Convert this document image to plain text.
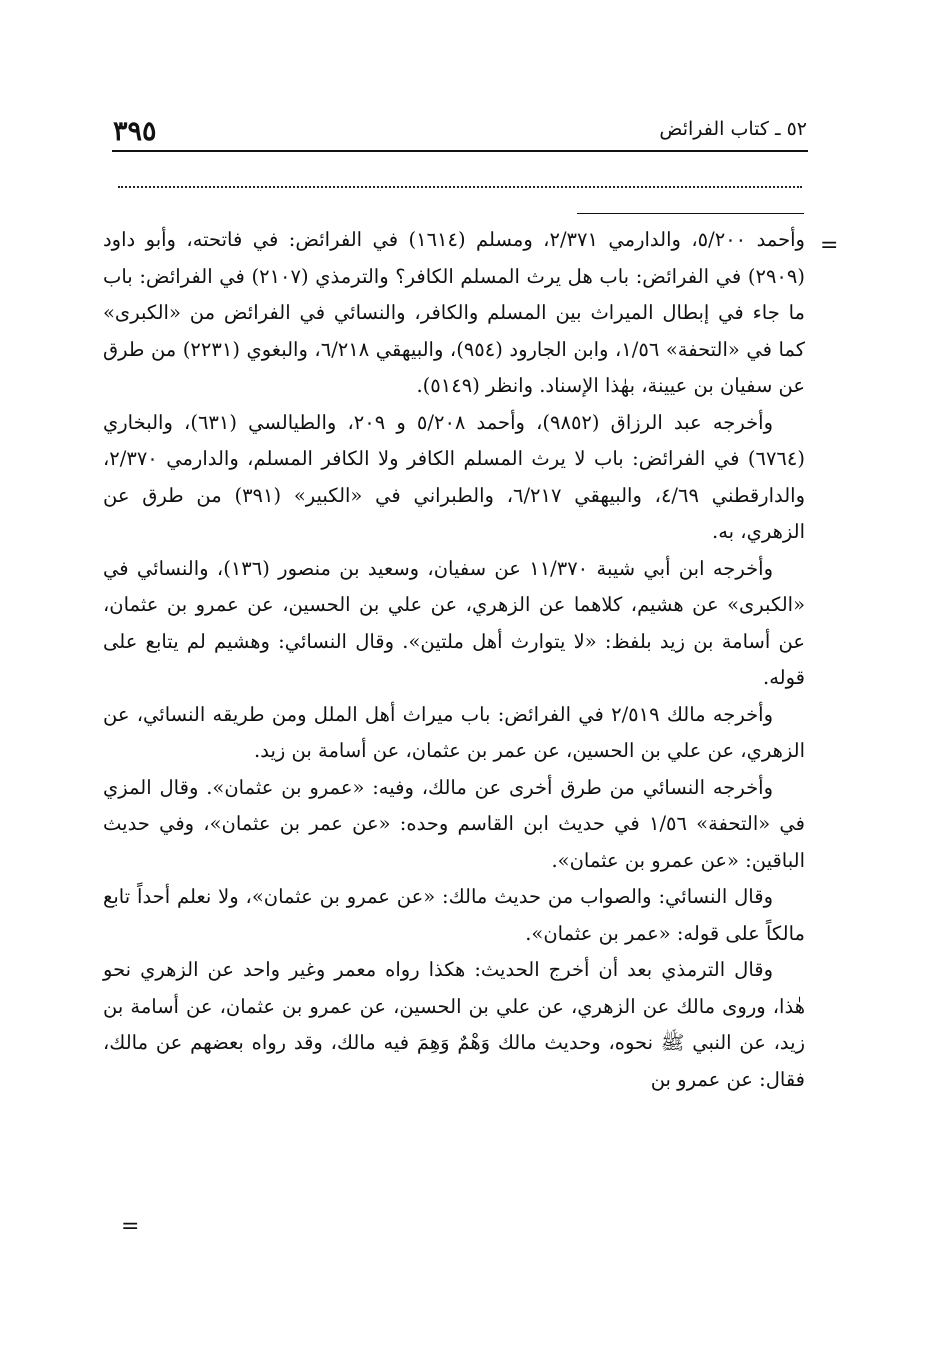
٣٩٥	٥٢ ـ كتاب الفرائض
=
=

وأحمد ٥/٢٠٠، والدارمي ٢/٣٧١، ومسلم (١٦١٤) في الفرائض: في فاتحته، وأبو داود (٢٩٠٩) في الفرائض: باب هل يرث المسلم الكافر؟ والترمذي (٢١٠٧) في الفرائض: باب ما جاء في إبطال الميراث بين المسلم والكافر، والنسائي في الفرائض من «الكبرى» كما في «التحفة» ١/٥٦، وابن الجارود (٩٥٤)، والبيهقي ٦/٢١٨، والبغوي (٢٢٣١) من طرق عن سفيان بن عيينة، بهٰذا الإسناد. وانظر (٥١٤٩).

وأخرجه عبد الرزاق (٩٨٥٢)، وأحمد ٥/٢٠٨ و ٢٠٩، والطيالسي (٦٣١)، والبخاري (٦٧٦٤) في الفرائض: باب لا يرث المسلم الكافر ولا الكافر المسلم، والدارمي ٢/٣٧٠، والدارقطني ٤/٦٩، والبيهقي ٦/٢١٧، والطبراني في «الكبير» (٣٩١) من طرق عن الزهري، به.

وأخرجه ابن أبي شيبة ١١/٣٧٠ عن سفيان، وسعيد بن منصور (١٣٦)، والنسائي في «الكبرى» عن هشيم، كلاهما عن الزهري، عن علي بن الحسين، عن عمرو بن عثمان، عن أسامة بن زيد بلفظ: «لا يتوارث أهل ملتين». وقال النسائي: وهشيم لم يتابع على قوله.

وأخرجه مالك ٢/٥١٩ في الفرائض: باب ميراث أهل الملل ومن طريقه النسائي، عن الزهري، عن علي بن الحسين، عن عمر بن عثمان، عن أسامة بن زيد.

وأخرجه النسائي من طرق أخرى عن مالك، وفيه: «عمرو بن عثمان». وقال المزي في «التحفة» ١/٥٦ في حديث ابن القاسم وحده: «عن عمر بن عثمان»، وفي حديث الباقين: «عن عمرو بن عثمان».

وقال النسائي: والصواب من حديث مالك: «عن عمرو بن عثمان»، ولا نعلم أحداً تابع مالكاً على قوله: «عمر بن عثمان».

وقال الترمذي بعد أن أخرج الحديث: هكذا رواه معمر وغير واحد عن الزهري نحو هٰذا، وروى مالك عن الزهري، عن علي بن الحسين، عن عمرو بن عثمان، عن أسامة بن زيد، عن النبي ﷺ نحوه، وحديث مالك وَهْمٌ وَهِمَ فيه مالك، وقد رواه بعضهم عن مالك، فقال: عن عمرو بن
